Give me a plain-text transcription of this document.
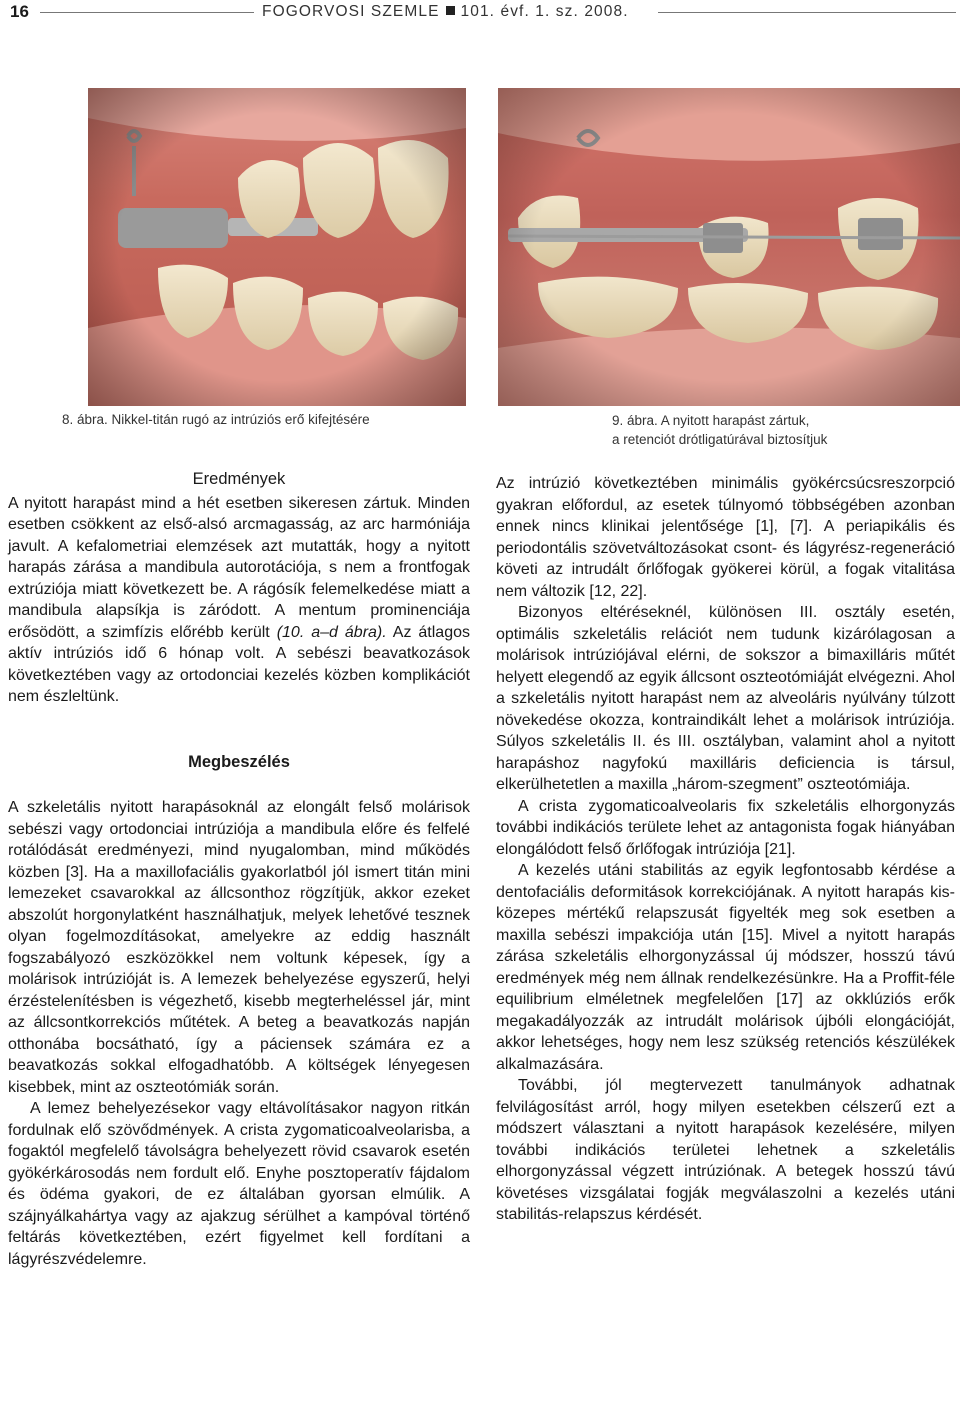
16	FOGORVOSI SZEMLE 101. évf. 1. sz. 2008.
8. ábra. Nikkel-titán rugó az intrúziós erő kifejtésére	9. ábra. A nyitott harapást zártuk,
a retenciót drótligatúrával biztosítjuk
Eredmények

A nyitott harapást mind a hét esetben sikeresen zártuk. Minden esetben csökkent az első-alsó arcmagasság, az arc harmóniája javult. A kefalometriai elemzések azt mutatták, hogy a nyitott harapás zárása a mandibula autorotációja, s nem a frontfogak extrúziója miatt következett be. A rágósík felemelkedése miatt a mandibula alapsíkja is záródott. A mentum prominenciája erősödött, a szimfízis előrébb került (10. a–d ábra). Az átlagos aktív intrúziós idő 6 hónap volt. A sebészi beavatkozások következtében vagy az ortodonciai kezelés közben komplikációt nem észleltünk.

Megbeszélés

A szkeletális nyitott harapásoknál az elongált felső molárisok sebészi vagy ortodonciai intrúziója a mandibula előre és felfelé rotálódását eredményezi, mind nyugalomban, mind működés közben [3]. Ha a maxillofaciális gyakorlatból jól ismert titán mini lemezeket csavarokkal az állcsonthoz rögzítjük, akkor ezeket abszolút horgonylatként használhatjuk, melyek lehetővé tesznek olyan fogelmozdításokat, amelyekre az eddig használt fogszabályozó eszközökkel nem voltunk képesek, így a molárisok intrúzióját is. A lemezek behelyezése egyszerű, helyi érzéstelenítésben is végezhető, kisebb megterheléssel jár, mint az állcsontkorrekciós műtétek. A beteg a beavatkozás napján otthonába bocsátható, így a páciensek számára ez a beavatkozás sokkal elfogadhatóbb. A költségek lényegesen kisebbek, mint az oszteotómiák során.

A lemez behelyezésekor vagy eltávolításakor nagyon ritkán fordulnak elő szövődmények. A crista zygomaticoalveolarisba, a fogaktól megfelelő távolságra behelyezett rövid csavarok esetén gyökérkárosodás nem fordult elő. Enyhe posztoperatív fájdalom és ödéma gyakori, de ez általában gyorsan elmúlik. A szájnyálkahártya vagy az ajakzug sérülhet a kampóval történő feltárás következtében, ezért figyelmet kell fordítani a lágyrészvédelemre.

Az intrúzió következtében minimális gyökércsúcsreszorpció gyakran előfordul, az esetek túlnyomó többségében azonban ennek nincs klinikai jelentősége [1], [7]. A periapikális és periodontális szövetváltozásokat csont- és lágyrész-regeneráció követi az intrudált őrlőfogak gyökerei körül, a fogak vitalitása nem változik [12, 22].

Bizonyos eltéréseknél, különösen III. osztály esetén, optimális szkeletális relációt nem tudunk kizárólagosan a molárisok intrúziójával elérni, de sokszor a bimaxilláris műtét helyett elegendő az egyik állcsont oszteotómiáját elvégezni. Ahol a szkeletális nyitott harapást nem az alveoláris nyúlvány túlzott növekedése okozza, kontraindikált lehet a molárisok intrúziója. Súlyos szkeletális II. és III. osztályban, valamint ahol a nyitott harapáshoz nagyfokú maxilláris deficiencia is társul, elkerülhetetlen a maxilla „három-szegment” oszteotómiája.

A crista zygomaticoalveolaris fix szkeletális elhorgonyzás további indikációs területe lehet az antagonista fogak hiányában elongálódott felső őrlőfogak intrúziója [21].

A kezelés utáni stabilitás az egyik legfontosabb kérdése a dentofaciális deformitások korrekciójának. A nyitott harapás kis-közepes mértékű relapszusát figyelték meg sok esetben a maxilla sebészi impakciója után [15]. Mivel a nyitott harapás zárása szkeletális elhorgonyzással új módszer, hosszú távú eredmények még nem állnak rendelkezésünkre. Ha a Proffit-féle equilibrium elméletnek megfelelően [17] az okklúziós erők megakadályozzák az intrudált molárisok újbóli elongációját, akkor lehetséges, hogy nem lesz szükség retenciós készülékek alkalmazására.

További, jól megtervezett tanulmányok adhatnak felvilágosítást arról, hogy milyen esetekben célszerű ezt a módszert választani a nyitott harapások kezelésére, milyen további indikációs területei lehetnek a szkeletális elhorgonyzással végzett intrúziónak. A betegek hosszú távú követéses vizsgálatai fogják megválaszolni a kezelés utáni stabilitás-relapszus kérdését.
